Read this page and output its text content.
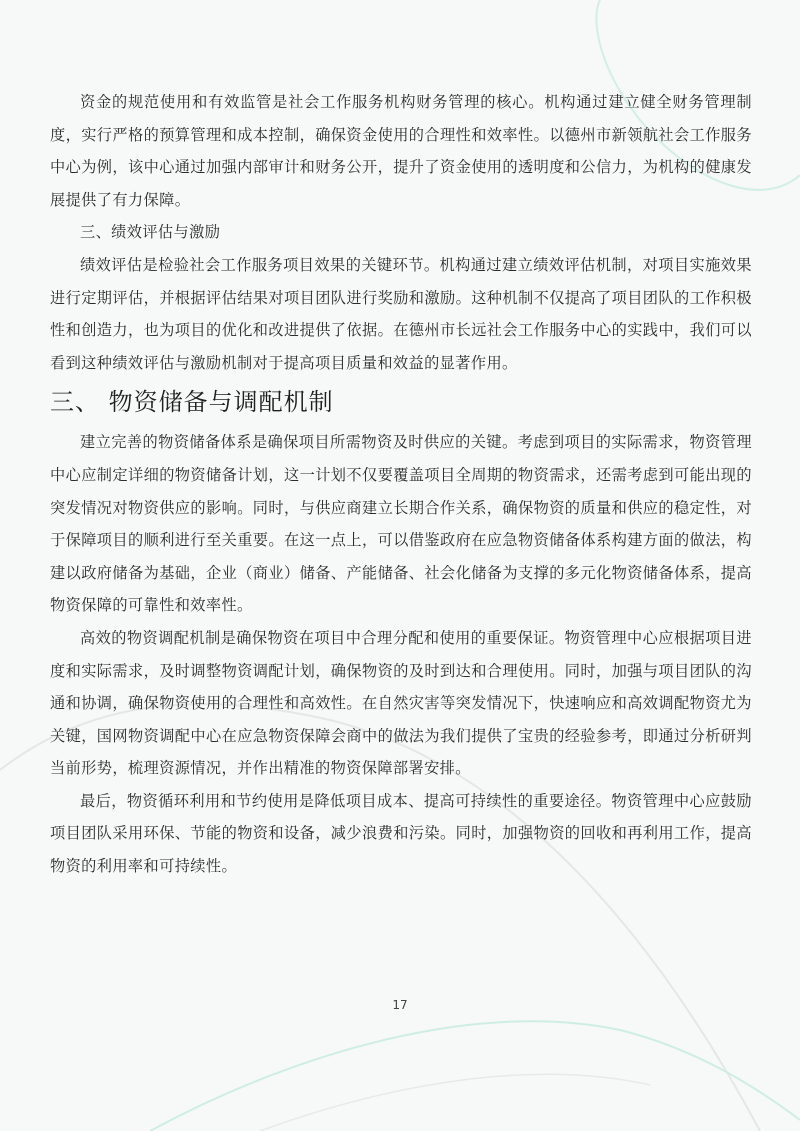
资金的规范使用和有效监管是社会工作服务机构财务管理的核心。机构通过建立健全财务管理制度，实行严格的预算管理和成本控制，确保资金使用的合理性和效率性。以德州市新领航社会工作服务中心为例，该中心通过加强内部审计和财务公开，提升了资金使用的透明度和公信力，为机构的健康发展提供了有力保障。

三、绩效评估与激励

绩效评估是检验社会工作服务项目效果的关键环节。机构通过建立绩效评估机制，对项目实施效果进行定期评估，并根据评估结果对项目团队进行奖励和激励。这种机制不仅提高了项目团队的工作积极性和创造力，也为项目的优化和改进提供了依据。在德州市长远社会工作服务中心的实践中，我们可以看到这种绩效评估与激励机制对于提高项目质量和效益的显著作用。

三、 物资储备与调配机制

建立完善的物资储备体系是确保项目所需物资及时供应的关键。考虑到项目的实际需求，物资管理中心应制定详细的物资储备计划，这一计划不仅要覆盖项目全周期的物资需求，还需考虑到可能出现的突发情况对物资供应的影响。同时，与供应商建立长期合作关系，确保物资的质量和供应的稳定性，对于保障项目的顺利进行至关重要。在这一点上，可以借鉴政府在应急物资储备体系构建方面的做法，构建以政府储备为基础，企业（商业）储备、产能储备、社会化储备为支撑的多元化物资储备体系，提高物资保障的可靠性和效率性。

高效的物资调配机制是确保物资在项目中合理分配和使用的重要保证。物资管理中心应根据项目进度和实际需求，及时调整物资调配计划，确保物资的及时到达和合理使用。同时，加强与项目团队的沟通和协调，确保物资使用的合理性和高效性。在自然灾害等突发情况下，快速响应和高效调配物资尤为关键，国网物资调配中心在应急物资保障会商中的做法为我们提供了宝贵的经验参考，即通过分析研判当前形势，梳理资源情况，并作出精准的物资保障部署安排。

最后，物资循环利用和节约使用是降低项目成本、提高可持续性的重要途径。物资管理中心应鼓励项目团队采用环保、节能的物资和设备，减少浪费和污染。同时，加强物资的回收和再利用工作，提高物资的利用率和可持续性。

17
